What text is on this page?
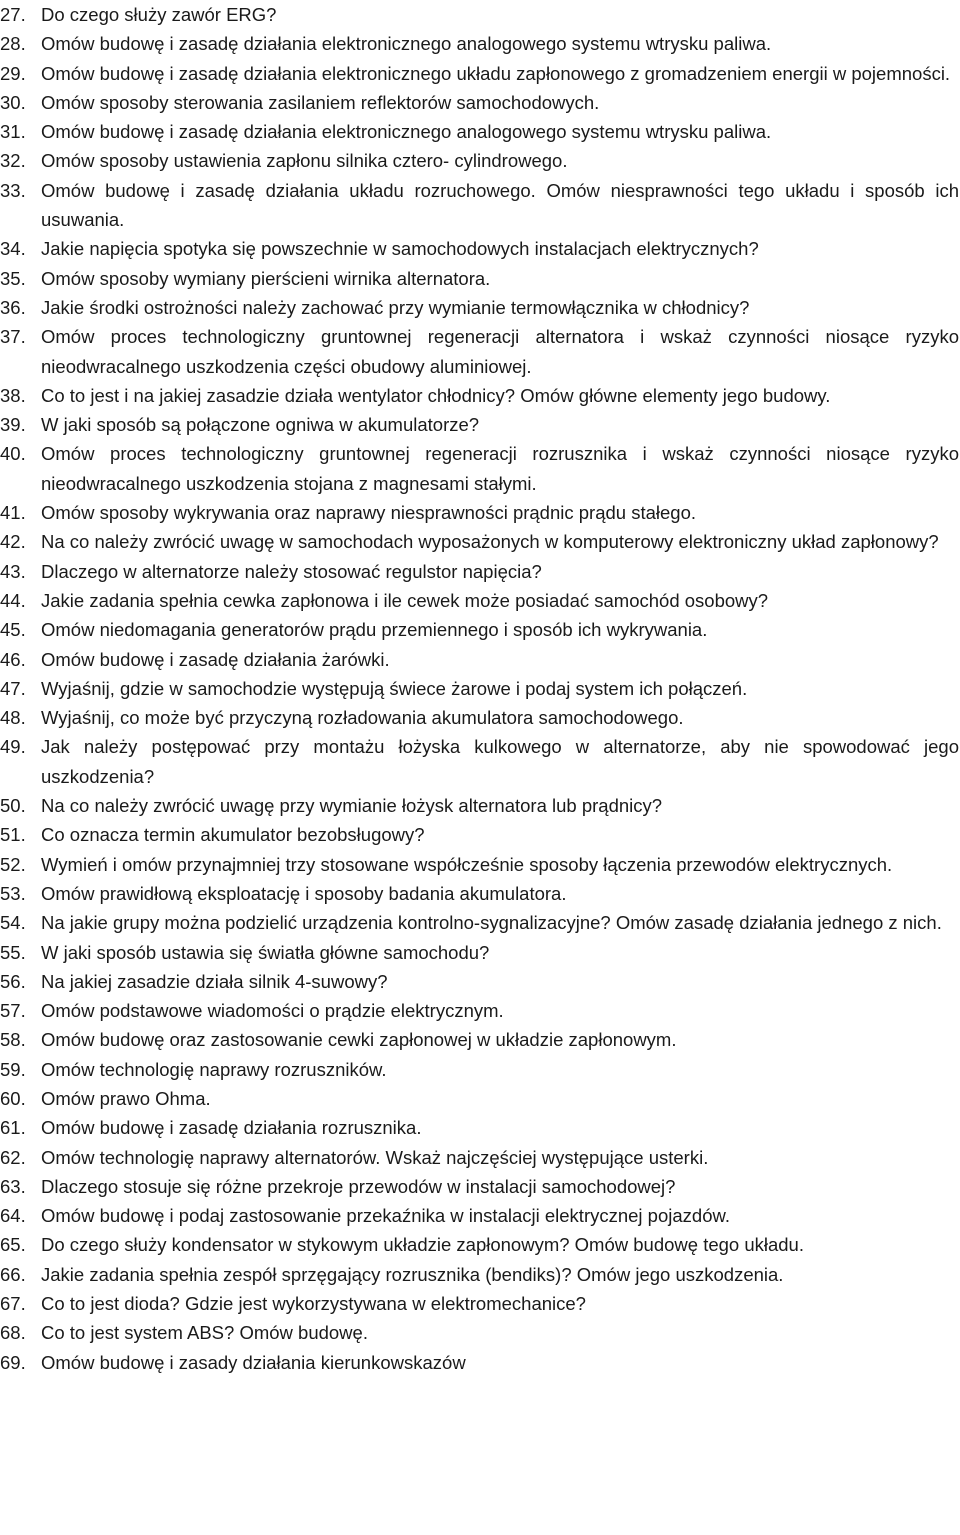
27. Do czego służy zawór ERG?
28. Omów budowę i zasadę działania elektronicznego analogowego systemu wtrysku paliwa.
29. Omów budowę i zasadę działania elektronicznego układu zapłonowego z gromadzeniem energii w pojemności.
30. Omów sposoby sterowania zasilaniem reflektorów samochodowych.
31. Omów budowę i zasadę działania elektronicznego analogowego systemu wtrysku paliwa.
32. Omów sposoby ustawienia zapłonu silnika cztero- cylindrowego.
33. Omów budowę i zasadę działania układu rozruchowego. Omów niesprawności tego układu i sposób ich usuwania.
34. Jakie napięcia spotyka się powszechnie w samochodowych instalacjach elektrycznych?
35. Omów sposoby wymiany pierścieni wirnika alternatora.
36. Jakie środki ostrożności należy zachować przy wymianie termowłącznika w chłodnicy?
37. Omów proces technologiczny gruntownej regeneracji alternatora i wskaż czynności niosące ryzyko nieodwracalnego uszkodzenia części obudowy aluminiowej.
38. Co to jest i na jakiej zasadzie działa wentylator chłodnicy? Omów główne elementy jego budowy.
39. W jaki sposób są połączone ogniwa w akumulatorze?
40. Omów proces technologiczny gruntownej regeneracji rozrusznika i wskaż czynności niosące ryzyko nieodwracalnego uszkodzenia stojana z magnesami stałymi.
41. Omów sposoby wykrywania oraz naprawy niesprawności prądnic prądu stałego.
42. Na co należy zwrócić uwagę w samochodach wyposażonych w komputerowy elektroniczny układ zapłonowy?
43. Dlaczego w alternatorze należy stosować regulstor napięcia?
44. Jakie zadania spełnia cewka zapłonowa i ile cewek może posiadać samochód osobowy?
45. Omów niedomagania generatorów prądu przemiennego i sposób ich wykrywania.
46. Omów budowę i zasadę działania żarówki.
47. Wyjaśnij, gdzie w samochodzie występują świece żarowe i podaj system ich połączeń.
48. Wyjaśnij, co może być przyczyną rozładowania akumulatora samochodowego.
49. Jak należy postępować przy montażu łożyska kulkowego w alternatorze, aby nie spowodować jego uszkodzenia?
50. Na co należy zwrócić uwagę przy wymianie łożysk alternatora lub prądnicy?
51. Co oznacza termin akumulator bezobsługowy?
52. Wymień i omów przynajmniej trzy stosowane współcześnie sposoby łączenia przewodów elektrycznych.
53. Omów prawidłową eksploatację i sposoby badania akumulatora.
54. Na jakie grupy można podzielić urządzenia kontrolno-sygnalizacyjne? Omów zasadę działania jednego z nich.
55. W jaki sposób ustawia się światła główne samochodu?
56. Na jakiej zasadzie działa silnik 4-suwowy?
57. Omów podstawowe wiadomości o prądzie elektrycznym.
58. Omów budowę oraz zastosowanie cewki zapłonowej w układzie zapłonowym.
59. Omów technologię naprawy rozruszników.
60. Omów prawo Ohma.
61. Omów budowę i zasadę działania rozrusznika.
62. Omów technologię naprawy alternatorów. Wskaż najczęściej występujące usterki.
63. Dlaczego stosuje się różne przekroje przewodów w instalacji samochodowej?
64. Omów budowę i podaj zastosowanie przekaźnika w instalacji elektrycznej pojazdów.
65. Do czego służy kondensator w stykowym układzie zapłonowym? Omów budowę tego układu.
66. Jakie zadania spełnia zespół sprzęgający rozrusznika (bendiks)? Omów jego uszkodzenia.
67. Co to jest dioda? Gdzie jest wykorzystywana w elektromechanice?
68. Co to jest system ABS? Omów budowę.
69. Omów budowę i zasady działania kierunkowskazów
